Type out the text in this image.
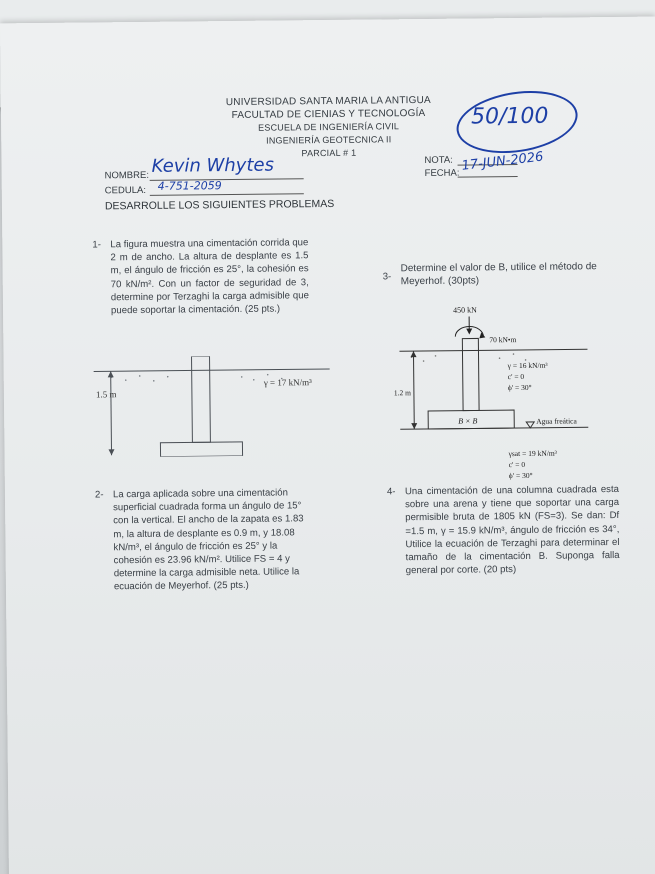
UNIVERSIDAD SANTA MARIA LA ANTIGUA
FACULTAD DE CIENIAS Y TECNOLOGÍA
ESCUELA DE INGENIERÍA CIVIL
INGENIERÍA GEOTECNICA II
PARCIAL # 1
50/100
NOMBRE: Kevin Whytes
CEDULA: 4-751-2059
NOTA:
FECHA: 17-JUN-2026
DESARROLLE LOS SIGUIENTES PROBLEMAS
1- La figura muestra una cimentación corrida que 2 m de ancho. La altura de desplante es 1.5 m, el ángulo de fricción es 25°, la cohesión es 70 kN/m². Con un factor de seguridad de 3, determine por Terzaghi la carga admisible que puede soportar la cimentación. (25 pts.)
1.5 m
γ = 17 kN/m³
2- La carga aplicada sobre una cimentación superficial cuadrada forma un ángulo de 15° con la vertical. El ancho de la zapata es 1.83 m, la altura de desplante es 0.9 m, y 18.08 kN/m³, el ángulo de fricción es 25° y la cohesión es 23.96 kN/m². Utilice FS = 4 y determine la carga admisible neta. Utilice la ecuación de Meyerhof. (25 pts.)
3-
Determine el valor de B, utilice el método de Meyerhof. (30pts)
450 kN
70 kN•m
B × B
1.2 m
γ = 16 kN/m³
c' = 0
ϕ' = 30°
Agua freática
γsat = 19 kN/m³
c' = 0
ϕ' = 30°
4- Una cimentación de una columna cuadrada esta sobre una arena y tiene que soportar una carga permisible bruta de 1805 kN (FS=3). Se dan: Df =1.5 m, γ = 15.9 kN/m³, ángulo de fricción es 34°, Utilice la ecuación de Terzaghi para determinar el tamaño de la cimentación B. Suponga falla general por corte. (20 pts)
